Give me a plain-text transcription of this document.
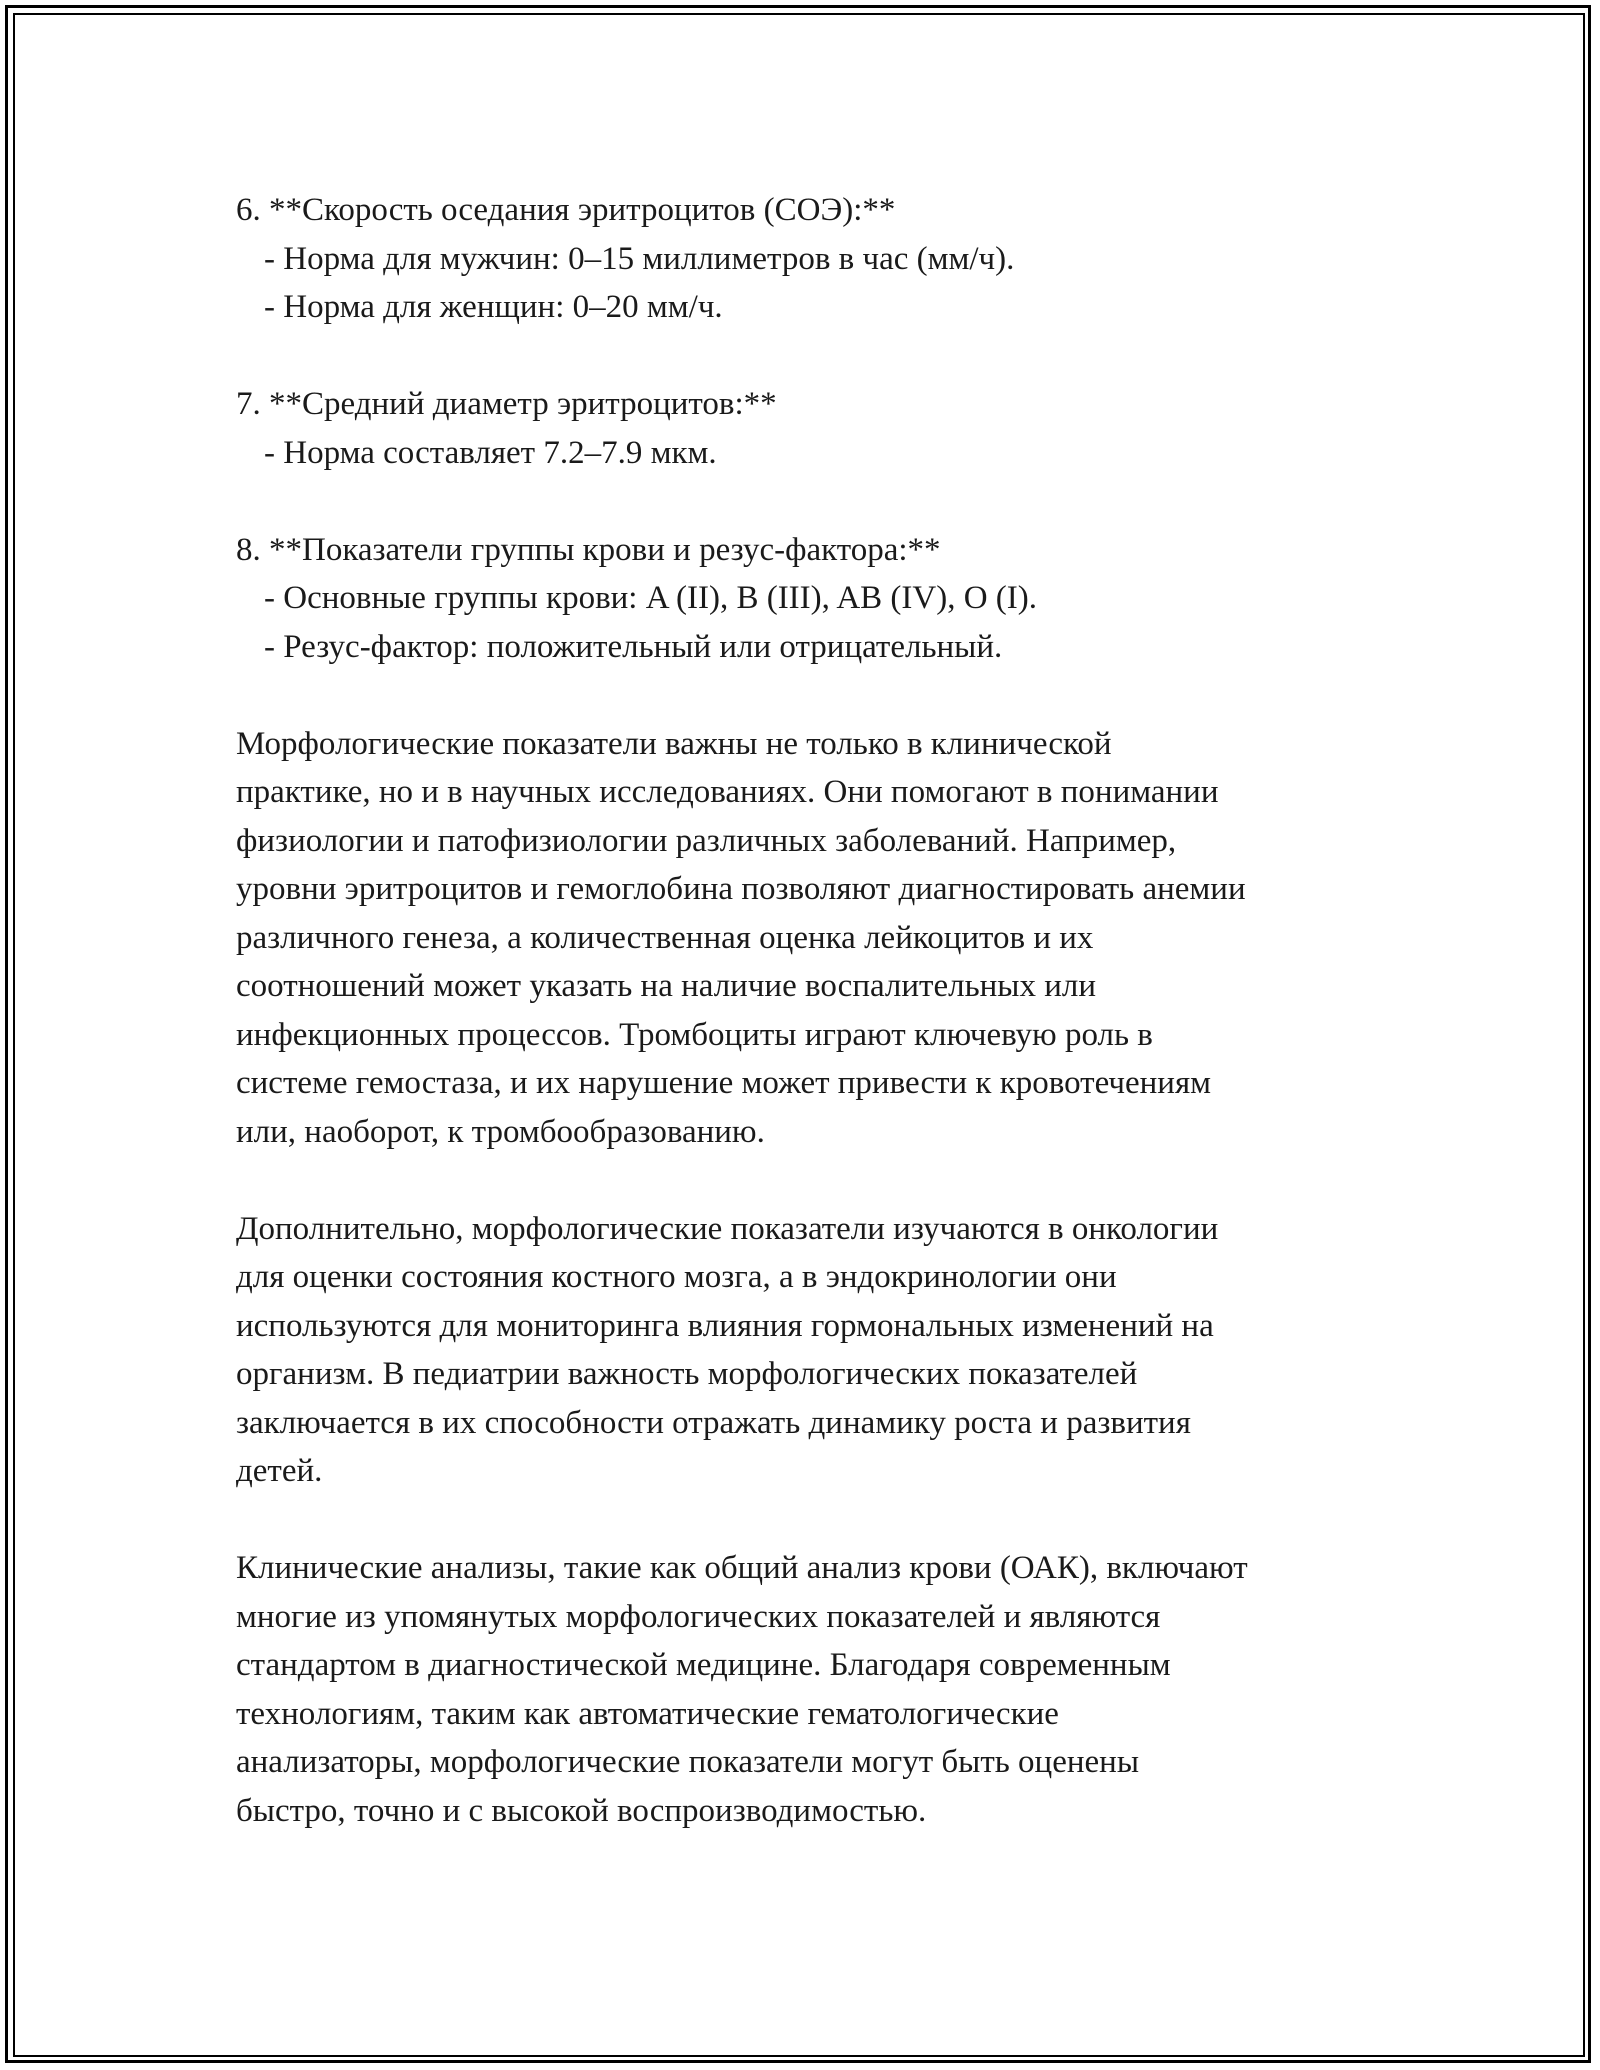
6. **Скорость оседания эритроцитов (СОЭ):**
- Норма для мужчин: 0–15 миллиметров в час (мм/ч).
- Норма для женщин: 0–20 мм/ч.
7. **Средний диаметр эритроцитов:**
- Норма составляет 7.2–7.9 мкм.
8. **Показатели группы крови и резус-фактора:**
- Основные группы крови: A (II), B (III), AB (IV), O (I).
- Резус-фактор: положительный или отрицательный.
Морфологические показатели важны не только в клинической
практике, но и в научных исследованиях. Они помогают в понимании
физиологии и патофизиологии различных заболеваний. Например,
уровни эритроцитов и гемоглобина позволяют диагностировать анемии
различного генеза, а количественная оценка лейкоцитов и их
соотношений может указать на наличие воспалительных или
инфекционных процессов. Тромбоциты играют ключевую роль в
системе гемостаза, и их нарушение может привести к кровотечениям
или, наоборот, к тромбообразованию.
Дополнительно, морфологические показатели изучаются в онкологии
для оценки состояния костного мозга, а в эндокринологии они
используются для мониторинга влияния гормональных изменений на
организм. В педиатрии важность морфологических показателей
заключается в их способности отражать динамику роста и развития
детей.
Клинические анализы, такие как общий анализ крови (ОАК), включают
многие из упомянутых морфологических показателей и являются
стандартом в диагностической медицине. Благодаря современным
технологиям, таким как автоматические гематологические
анализаторы, морфологические показатели могут быть оценены
быстро, точно и с высокой воспроизводимостью.
